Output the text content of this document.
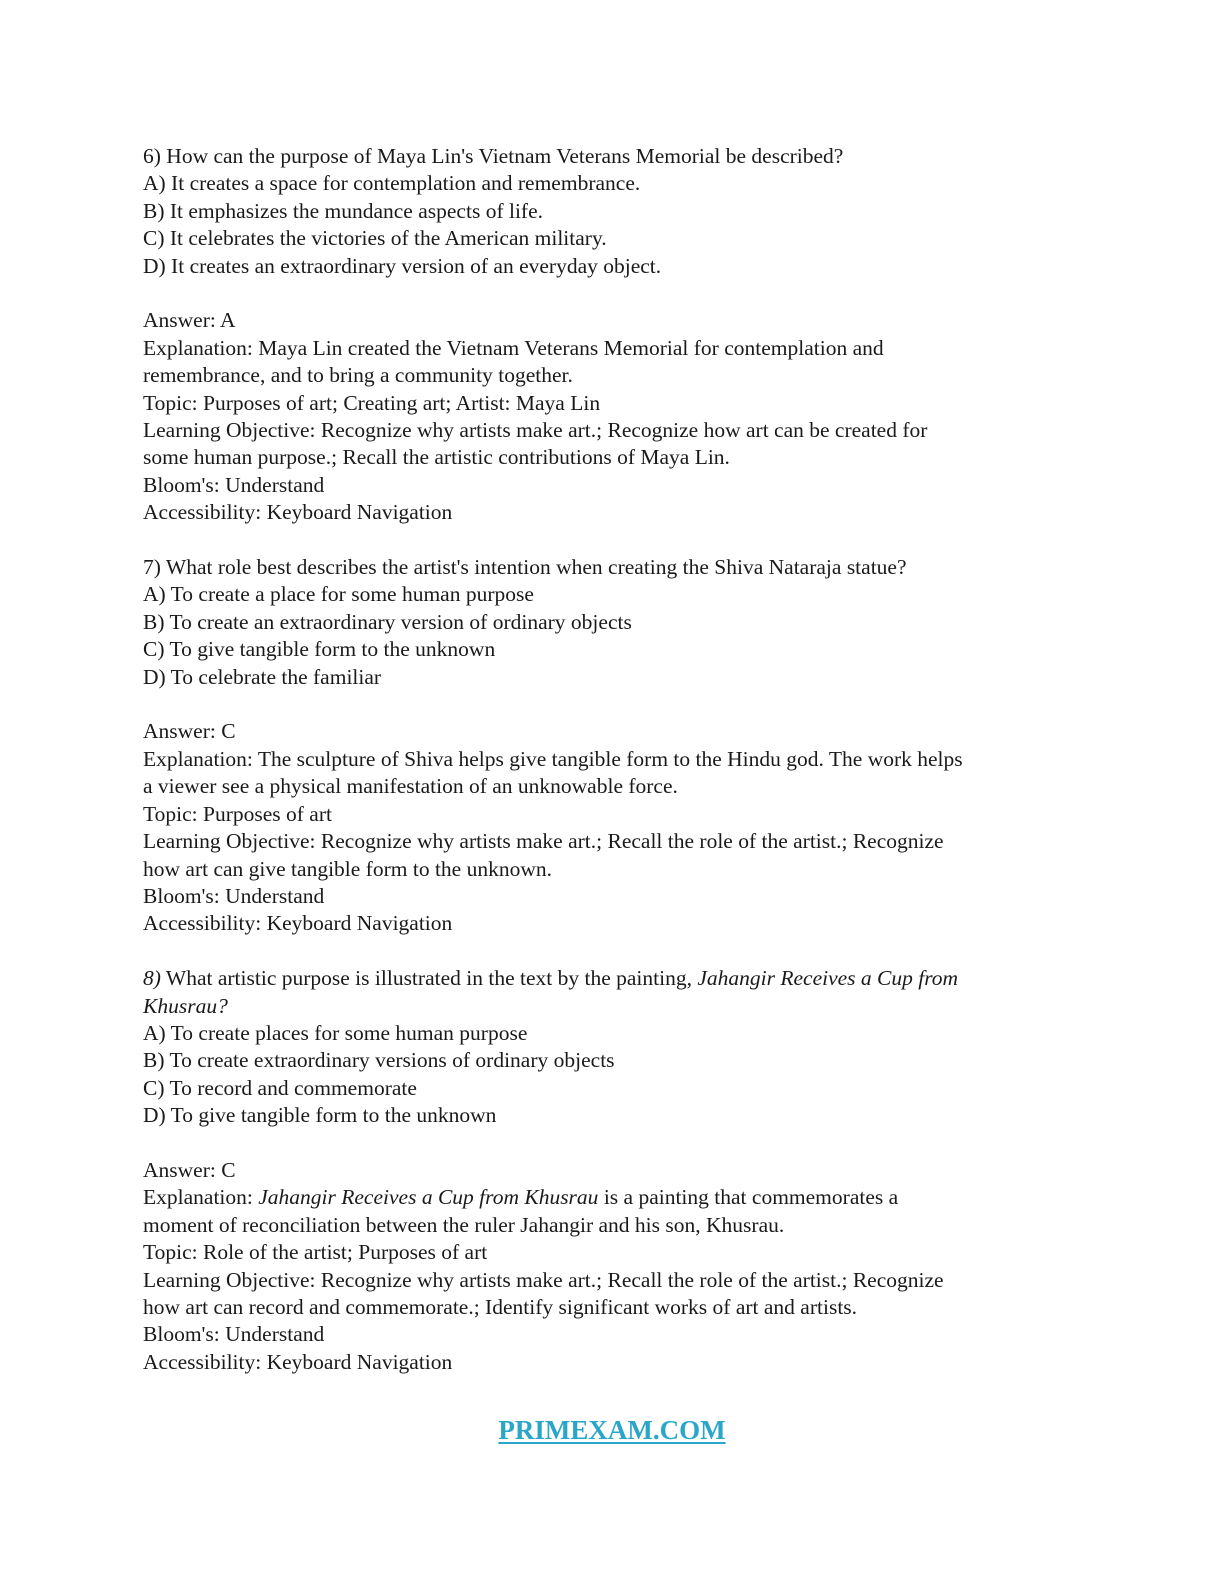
6) How can the purpose of Maya Lin's Vietnam Veterans Memorial be described?
A) It creates a space for contemplation and remembrance.
B) It emphasizes the mundance aspects of life.
C) It celebrates the victories of the American military.
D) It creates an extraordinary version of an everyday object.
Answer: A
Explanation: Maya Lin created the Vietnam Veterans Memorial for contemplation and
remembrance, and to bring a community together.
Topic: Purposes of art; Creating art; Artist: Maya Lin
Learning Objective: Recognize why artists make art.; Recognize how art can be created for
some human purpose.; Recall the artistic contributions of Maya Lin.
Bloom's: Understand
Accessibility: Keyboard Navigation
7) What role best describes the artist's intention when creating the Shiva Nataraja statue?
A) To create a place for some human purpose
B) To create an extraordinary version of ordinary objects
C) To give tangible form to the unknown
D) To celebrate the familiar
Answer: C
Explanation: The sculpture of Shiva helps give tangible form to the Hindu god. The work helps
a viewer see a physical manifestation of an unknowable force.
Topic: Purposes of art
Learning Objective: Recognize why artists make art.; Recall the role of the artist.; Recognize
how art can give tangible form to the unknown.
Bloom's: Understand
Accessibility: Keyboard Navigation
8) What artistic purpose is illustrated in the text by the painting, Jahangir Receives a Cup from
Khusrau?
A) To create places for some human purpose
B) To create extraordinary versions of ordinary objects
C) To record and commemorate
D) To give tangible form to the unknown
Answer: C
Explanation: Jahangir Receives a Cup from Khusrau is a painting that commemorates a
moment of reconciliation between the ruler Jahangir and his son, Khusrau.
Topic: Role of the artist; Purposes of art
Learning Objective: Recognize why artists make art.; Recall the role of the artist.; Recognize
how art can record and commemorate.; Identify significant works of art and artists.
Bloom's: Understand
Accessibility: Keyboard Navigation
PRIMEXAM.COM
